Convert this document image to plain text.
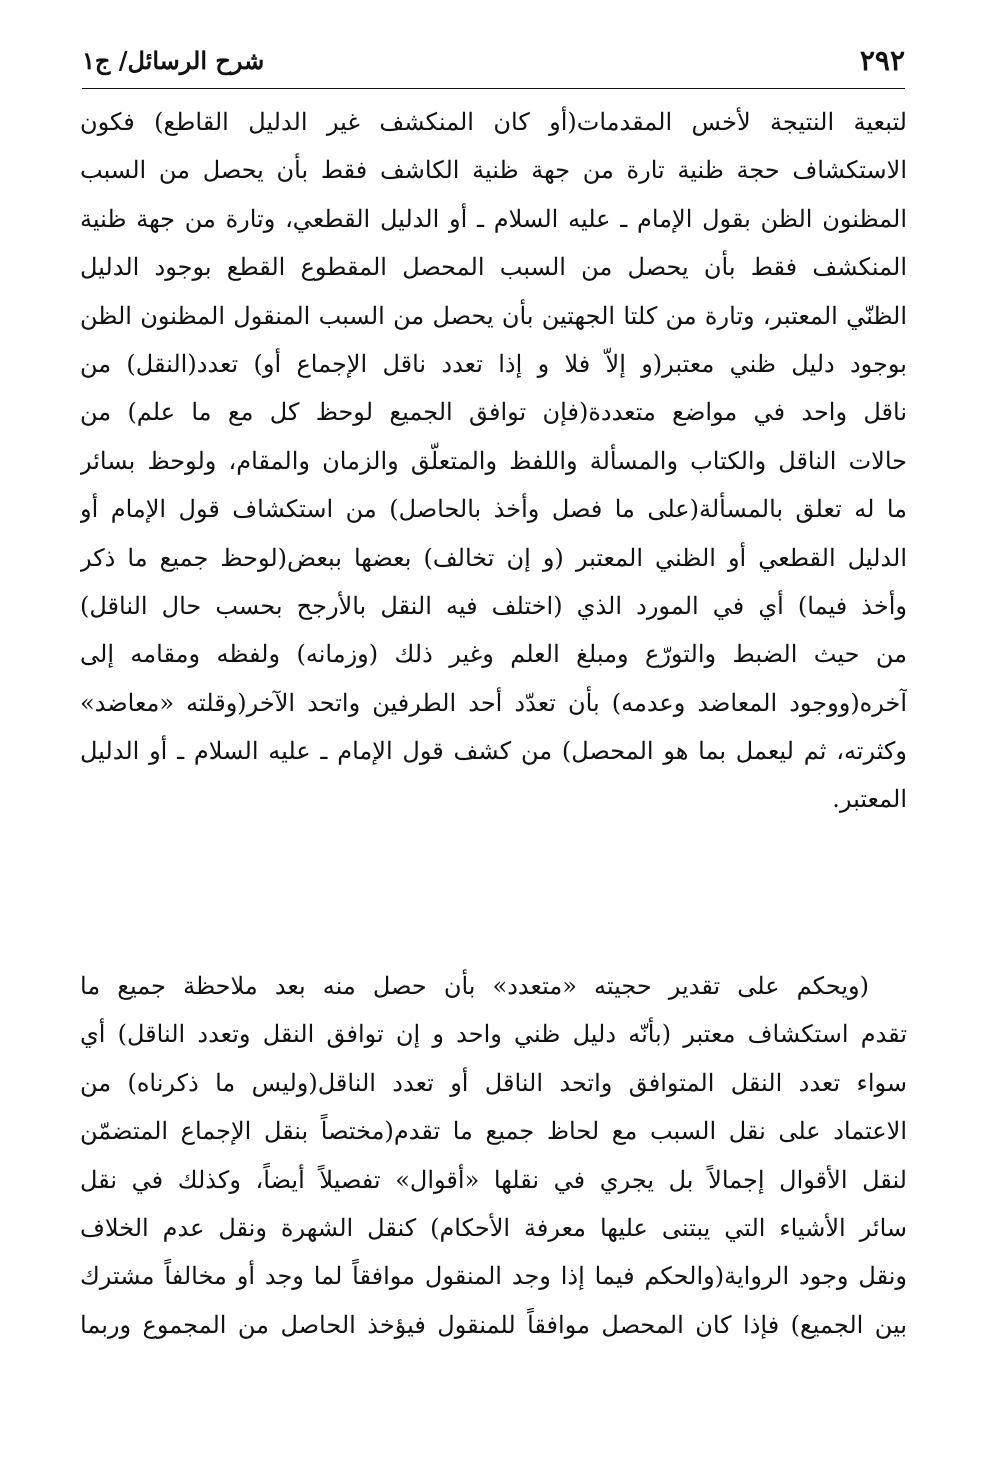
٢٩٢
شرح الرسائل/ ج١
لتبعية النتيجة لأخس المقدمات(أو كان المنكشف غير الدليل القاطع) فكون
الاستكشاف حجة ظنية تارة من جهة ظنية الكاشف فقط بأن يحصل من السبب
المظنون الظن بقول الإمام ـ عليه السلام ـ أو الدليل القطعي، وتارة من جهة ظنية
المنكشف فقط بأن يحصل من السبب المحصل المقطوع القطع بوجود الدليل
الظنّي المعتبر، وتارة من كلتا الجهتين بأن يحصل من السبب المنقول المظنون الظن
بوجود دليل ظني معتبر(و إلاّ فلا و إذا تعدد ناقل الإجماع أو) تعدد(النقل) من
ناقل واحد في مواضع متعددة(فإن توافق الجميع لوحظ كل مع ما علم) من
حالات الناقل والكتاب والمسألة واللفظ والمتعلّق والزمان والمقام، ولوحظ بسائر
ما له تعلق بالمسألة(على ما فصل وأخذ بالحاصل) من استكشاف قول الإمام أو
الدليل القطعي أو الظني المعتبر (و إن تخالف) بعضها ببعض(لوحظ جميع ما ذكر
وأخذ فيما) أي في المورد الذي (اختلف فيه النقل بالأرجح بحسب حال الناقل)
من حيث الضبط والتورّع ومبلغ العلم وغير ذلك (وزمانه) ولفظه ومقامه إلى
آخره(ووجود المعاضد وعدمه) بأن تعدّد أحد الطرفين واتحد الآخر(وقلته «معاضد»
وكثرته، ثم ليعمل بما هو المحصل) من كشف قول الإمام ـ عليه السلام ـ أو الدليل
المعتبر.
(ويحكم على تقدير حجيته «متعدد» بأن حصل منه بعد ملاحظة جميع ما
تقدم استكشاف معتبر (بأنّه دليل ظني واحد و إن توافق النقل وتعدد الناقل) أي
سواء تعدد النقل المتوافق واتحد الناقل أو تعدد الناقل(وليس ما ذكرناه) من
الاعتماد على نقل السبب مع لحاظ جميع ما تقدم(مختصاً بنقل الإجماع المتضمّن
لنقل الأقوال إجمالاً بل يجري في نقلها «أقوال» تفصيلاً أيضاً، وكذلك في نقل
سائر الأشياء التي يبتنى عليها معرفة الأحكام) كنقل الشهرة ونقل عدم الخلاف
ونقل وجود الرواية(والحكم فيما إذا وجد المنقول موافقاً لما وجد أو مخالفاً مشترك
بين الجميع) فإذا كان المحصل موافقاً للمنقول فيؤخذ الحاصل من المجموع وربما
